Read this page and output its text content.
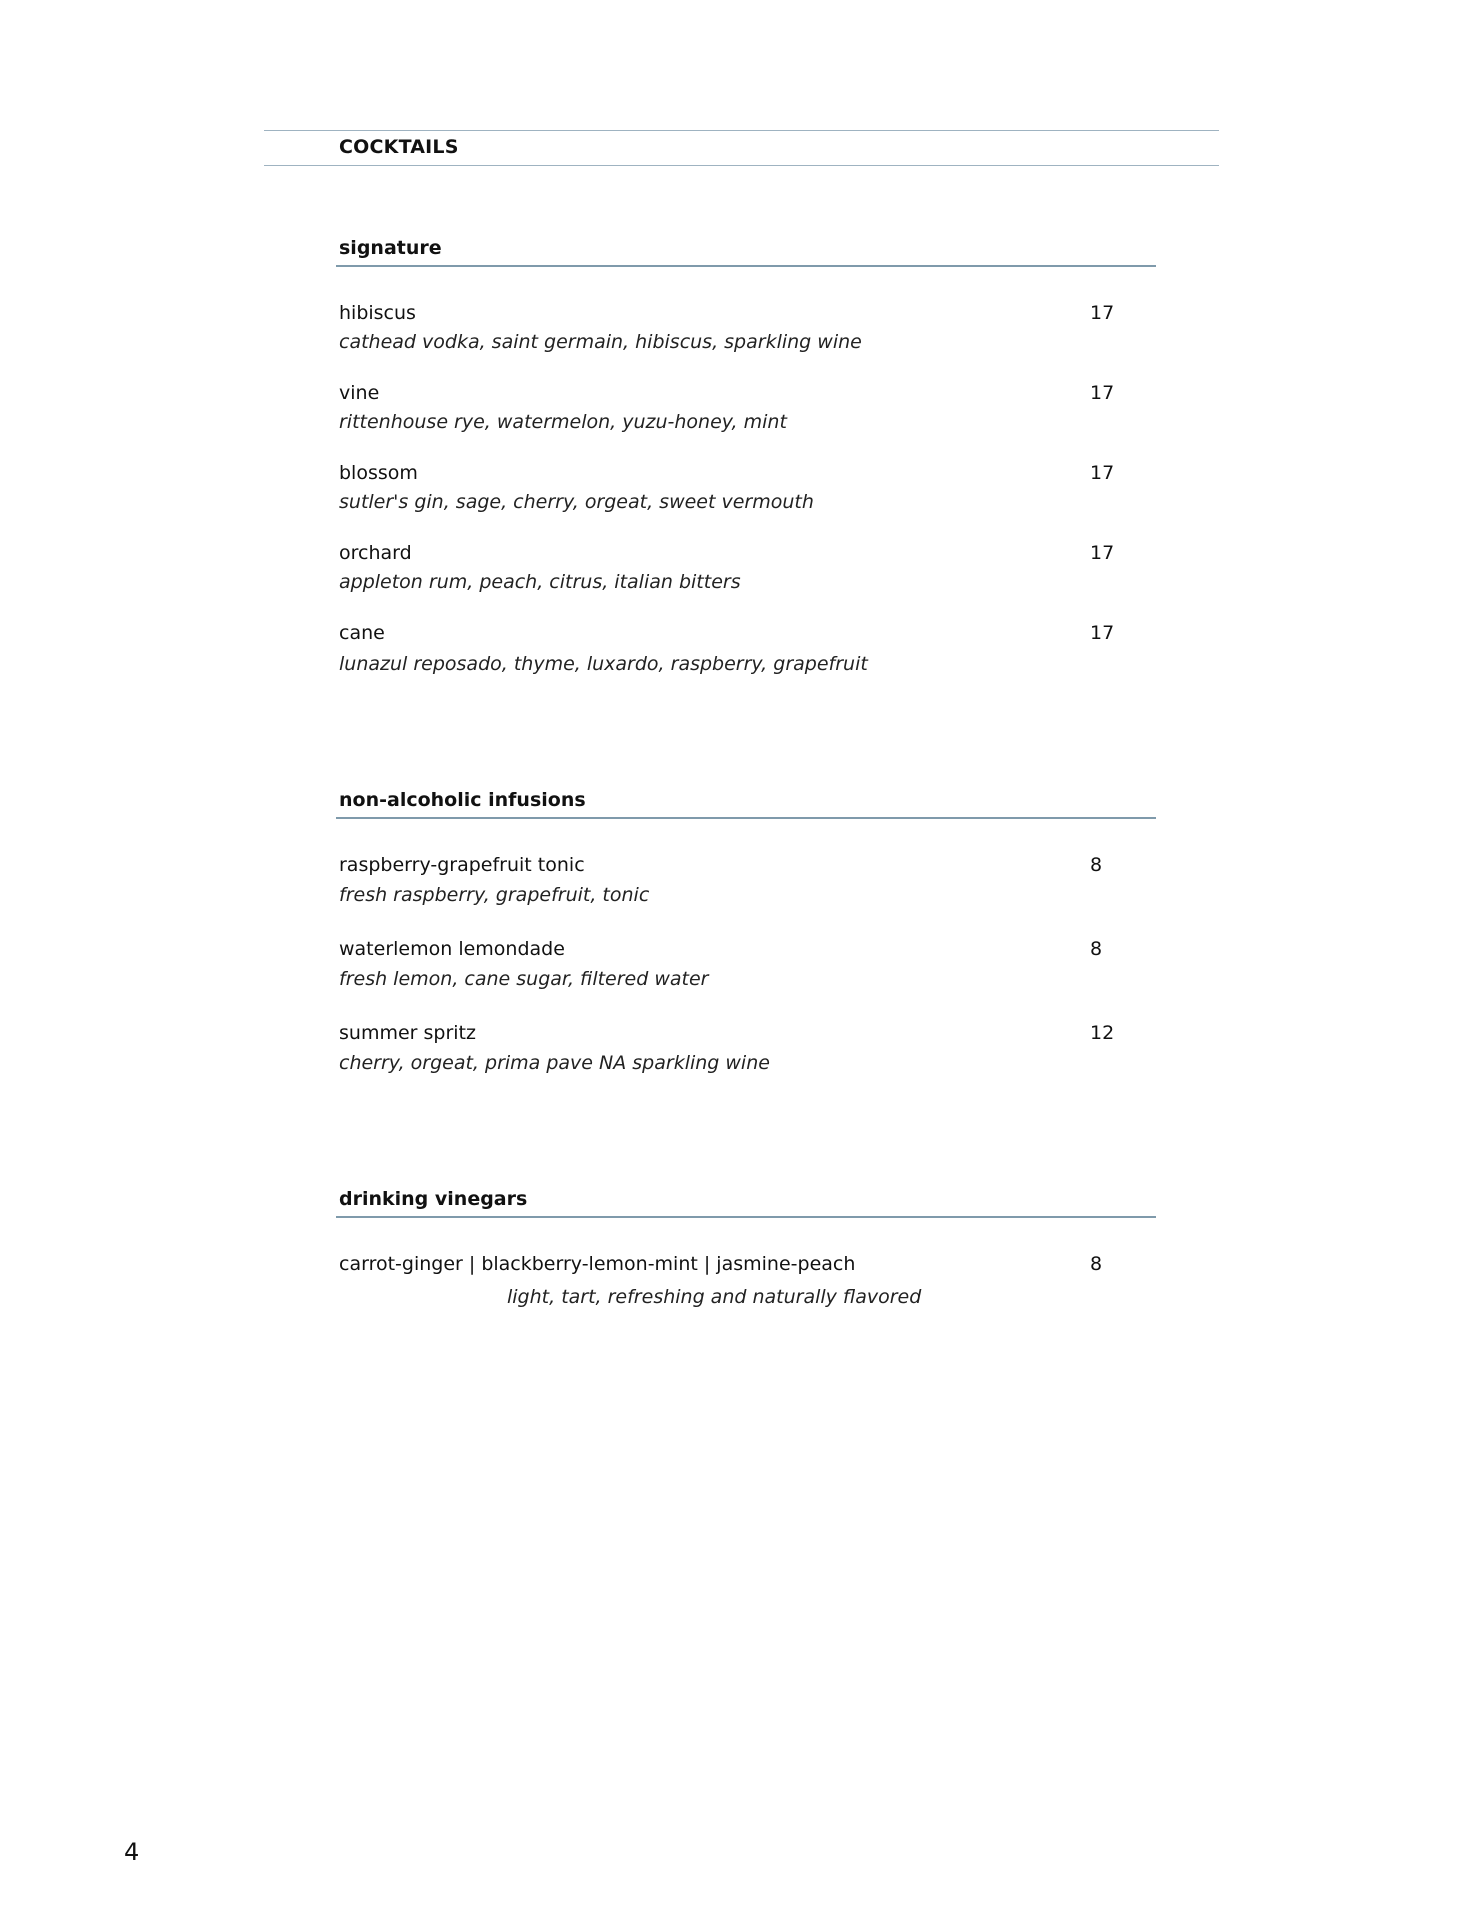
COCKTAILS
signature
hibiscus	17
cathead vodka, saint germain, hibiscus, sparkling wine
vine	17
rittenhouse rye, watermelon, yuzu-honey, mint
blossom	17
sutler's gin, sage, cherry, orgeat, sweet vermouth
orchard	17
appleton rum, peach, citrus, italian bitters
cane	17
lunazul reposado, thyme, luxardo, raspberry, grapefruit
non-alcoholic infusions
raspberry-grapefruit tonic	8
fresh raspberry, grapefruit, tonic
waterlemon lemondade	8
fresh lemon, cane sugar, filtered water
summer spritz	12
cherry, orgeat, prima pave NA sparkling wine
drinking vinegars
carrot-ginger | blackberry-lemon-mint | jasmine-peach	8
light, tart, refreshing and naturally flavored
4
